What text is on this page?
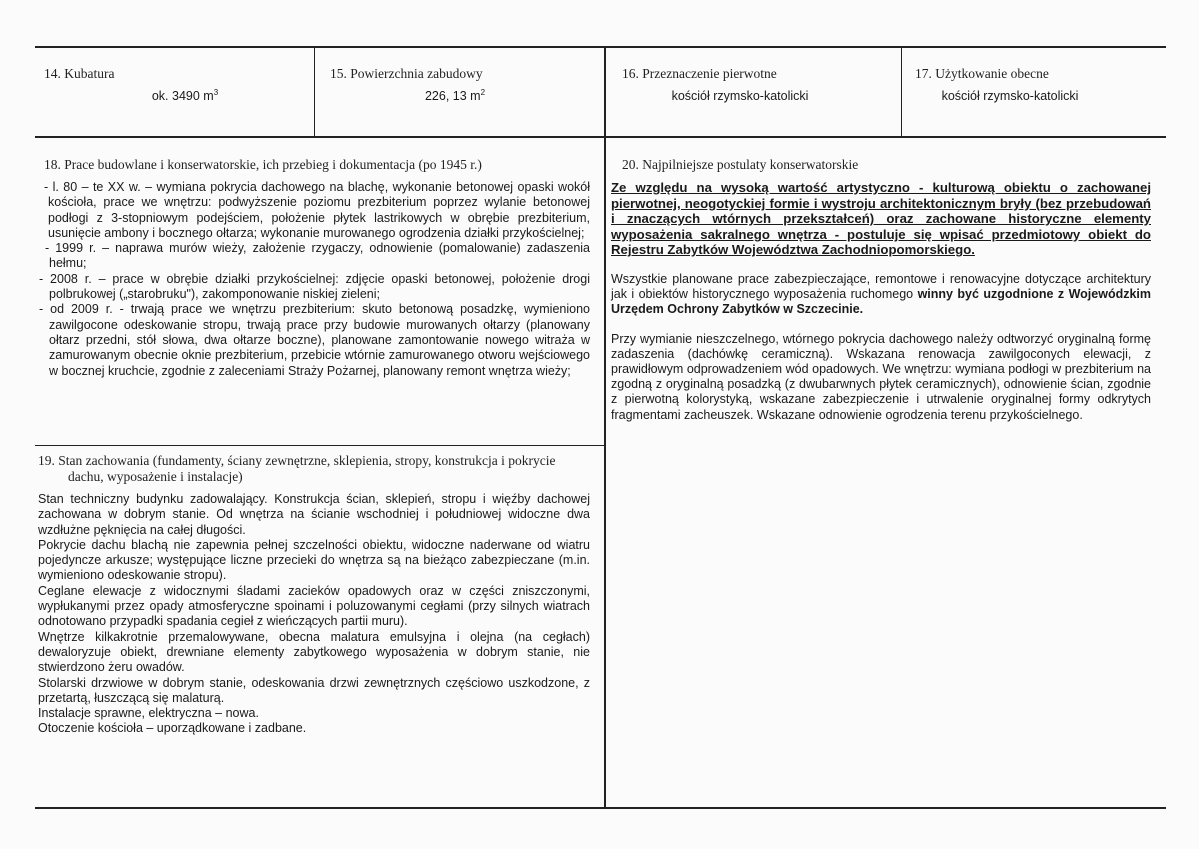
14. Kubatura
ok. 3490 $m^3$
15. Powierzchnia zabudowy
226, 13 $m^2$
16. Przeznaczenie pierwotne
kościół rzymsko-katolicki
17. Użytkowanie obecne
kościół rzymsko-katolicki
18. Prace budowlane i konserwatorskie, ich przebieg i dokumentacja (po 1945 r.)
- l. 80 – te XX w. – wymiana pokrycia dachowego na blachę, wykonanie betonowej opaski wokół kościoła, prace we wnętrzu: podwyższenie poziomu prezbiterium poprzez wylanie betonowej podłogi z 3-stopniowym podejściem, położenie płytek lastrikowych w obrębie prezbiterium, usunięcie ambony i bocznego ołtarza; wykonanie murowanego ogrodzenia działki przykościelnej;
- 1999 r. – naprawa murów wieży, założenie rzygaczy, odnowienie (pomalowanie) zadaszenia hełmu;
- 2008 r. – prace w obrębie działki przykościelnej: zdjęcie opaski betonowej, położenie drogi polbrukowej („starobruku"), zakomponowanie niskiej zieleni;
- od 2009 r. - trwają prace we wnętrzu prezbiterium: skuto betonową posadzkę, wymieniono zawilgocone odeskowanie stropu, trwają prace przy budowie murowanych ołtarzy (planowany ołtarz przedni, stół słowa, dwa ołtarze boczne), planowane zamontowanie nowego witraża w zamurowanym obecnie oknie prezbiterium, przebicie wtórnie zamurowanego otworu wejściowego w bocznej kruchcie, zgodnie z zaleceniami Straży Pożarnej, planowany remont wnętrza wieży;
19. Stan zachowania (fundamenty, ściany zewnętrzne, sklepienia, stropy, konstrukcja i pokrycie dachu, wyposażenie i instalacje)

Stan techniczny budynku zadowalający. Konstrukcja ścian, sklepień, stropu i więźby dachowej zachowana w dobrym stanie. Od wnętrza na ścianie wschodniej i południowej widoczne dwa wzdłużne pęknięcia na całej długości.

Pokrycie dachu blachą nie zapewnia pełnej szczelności obiektu, widoczne naderwane od wiatru pojedyncze arkusze; występujące liczne przecieki do wnętrza są na bieżąco zabezpieczane (m.in. wymieniono odeskowanie stropu).

Ceglane elewacje z widocznymi śladami zacieków opadowych oraz w części zniszczonymi, wypłukanymi przez opady atmosferyczne spoinami i poluzowanymi cegłami (przy silnych wiatrach odnotowano przypadki spadania cegieł z wieńczących partii muru).

Wnętrze kilkakrotnie przemalowywane, obecna malatura emulsyjna i olejna (na cegłach) dewaloryzuje obiekt, drewniane elementy zabytkowego wyposażenia w dobrym stanie, nie stwierdzono żeru owadów.

Stolarski drzwiowe w dobrym stanie, odeskowania drzwi zewnętrznych częściowo uszkodzone, z przetartą, łuszczącą się malaturą.

Instalacje sprawne, elektryczna – nowa.

Otoczenie kościoła – uporządkowane i zadbane.

20. Najpilniejsze postulaty konserwatorskie

Ze względu na wysoką wartość artystyczno - kulturową obiektu o zachowanej pierwotnej, neogotyckiej formie i wystroju architektonicznym bryły (bez przebudowań i znaczących wtórnych przekształceń) oraz zachowane historyczne elementy wyposażenia sakralnego wnętrza - postuluje się wpisać przedmiotowy obiekt do Rejestru Zabytków Województwa Zachodniopomorskiego.

Wszystkie planowane prace zabezpieczające, remontowe i renowacyjne dotyczące architektury jak i obiektów historycznego wyposażenia ruchomego winny być uzgodnione z Wojewódzkim Urzędem Ochrony Zabytków w Szczecinie.

Przy wymianie nieszczelnego, wtórnego pokrycia dachowego należy odtworzyć oryginalną formę zadaszenia (dachówkę ceramiczną). Wskazana renowacja zawilgoconych elewacji, z prawidłowym odprowadzeniem wód opadowych. We wnętrzu: wymiana podłogi w prezbiterium na zgodną z oryginalną posadzką (z dwubarwnych płytek ceramicznych), odnowienie ścian, zgodnie z pierwotną kolorystyką, wskazane zabezpieczenie i utrwalenie oryginalnej formy odkrytych fragmentami zacheuszek. Wskazane odnowienie ogrodzenia terenu przykościelnego.
